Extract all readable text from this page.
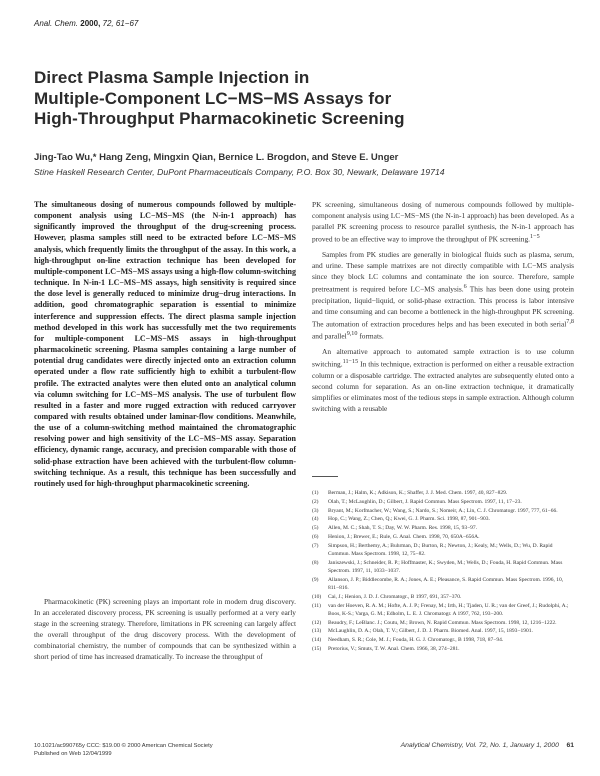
Anal. Chem. 2000, 72, 61−67
Direct Plasma Sample Injection in
Multiple-Component LC−MS−MS Assays for
High-Throughput Pharmacokinetic Screening
Jing-Tao Wu,* Hang Zeng, Mingxin Qian, Bernice L. Brogdon, and Steve E. Unger
Stine Haskell Research Center, DuPont Pharmaceuticals Company, P.O. Box 30, Newark, Delaware 19714
The simultaneous dosing of numerous compounds followed by multiple-component analysis using LC−MS−MS (the N-in-1 approach) has significantly improved the throughput of the drug-screening process. However, plasma samples still need to be extracted before LC−MS−MS analysis, which frequently limits the throughput of the assay. In this work, a high-throughput on-line extraction technique has been developed for multiple-component LC−MS−MS assays using a high-flow column-switching technique. In N-in-1 LC−MS−MS assays, high sensitivity is required since the dose level is generally reduced to minimize drug−drug interactions. In addition, good chromatographic separation is essential to minimize interference and suppression effects. The direct plasma sample injection method developed in this work has successfully met the two requirements for multiple-component LC−MS−MS assays in high-throughput pharmacokinetic screening. Plasma samples containing a large number of potential drug candidates were directly injected onto an extraction column operated under a flow rate sufficiently high to exhibit a turbulent-flow profile. The extracted analytes were then eluted onto an analytical column via column switching for LC−MS−MS analysis. The use of turbulent flow resulted in a faster and more rugged extraction with reduced carryover compared with results obtained under laminar-flow conditions. Meanwhile, the use of a column-switching method maintained the chromatographic resolving power and high sensitivity of the LC−MS−MS assay. Separation efficiency, dynamic range, accuracy, and precision comparable with those of solid-phase extraction have been achieved with the turbulent-flow column-switching technique. As a result, this technique has been successfully and routinely used for high-throughput pharmacokinetic screening.
Pharmacokinetic (PK) screening plays an important role in modern drug discovery. In an accelerated discovery process, PK screening is usually performed at a very early stage in the screening strategy. Therefore, limitations in PK screening can largely affect the overall throughput of the drug discovery process. With the development of combinatorial chemistry, the number of compounds that can be synthesized within a short period of time has increased dramatically. To increase the throughput of

PK screening, simultaneous dosing of numerous compounds followed by multiple-component analysis using LC−MS−MS (the N-in-1 approach) has been developed. As a parallel PK screening process to resource parallel synthesis, the N-in-1 approach has proved to be an effective way to improve the throughput of PK screening.$^{1-5}$

Samples from PK studies are generally in biological fluids such as plasma, serum, and urine. These sample matrixes are not directly compatible with LC−MS analysis since they block LC columns and contaminate the ion source. Therefore, sample pretreatment is required before LC−MS analysis.$^6$ This has been done using protein precipitation, liquid−liquid, or solid-phase extraction. This process is labor intensive and time consuming and can become a bottleneck in the high-throughput PK screening. The automation of extraction procedures helps and has been executed in both serial$^{7,8}$ and parallel$^{9,10}$ formats.

An alternative approach to automated sample extraction is to use column switching.$^{11-15}$ In this technique, extraction is performed on either a reusable extraction column or a disposable cartridge. The extracted analytes are subsequently eluted onto a second column for separation. As an on-line extraction technique, it dramatically simplifies or eliminates most of the tedious steps in sample extraction. Although column switching with a reusable

(1) Berman, J.; Halm, K.; Adkison, K.; Shaffer, J. J. Med. Chem. 1997, 40, 827−829.
(2) Olah, T.; McLaughlin, D.; Gilbert, J. Rapid Commun. Mass Spectrom. 1997, 11, 17−23.
(3) Bryant, M.; Korfmacher, W.; Wang, S.; Nardo, S.; Nomeir, A.; Lin, C. J. Chromatogr. 1997, 777, 61−66.
(4) Hop, C.; Wang, Z.; Chen, Q.; Kwei, G. J. Pharm. Sci. 1998, 87, 901−903.
(5) Allen, M. C.; Shah, T. S.; Day, W. W. Pharm. Res. 1998, 15, 93−97.
(6) Henion, J.; Brewer, E.; Rule, G. Anal. Chem. 1998, 70, 650A−656A.
(7) Simpson, H.; Berthemy, A.; Buhrman, D.; Burton, R.; Newton, J.; Kealy, M.; Wells, D.; Wu, D. Rapid Commun. Mass Spectrom. 1998, 12, 75−82.
(8) Janiszewski, J.; Schneider, R. P.; Hoffmaster, K.; Swyden, M.; Wells, D.; Fouda, H. Rapid Commun. Mass Spectrom. 1997, 11, 1033−1037.
(9) Allanson, J. P.; Biddlecombe, R. A.; Jones, A. E.; Pleasance, S. Rapid Commun. Mass Spectrom. 1996, 10, 811−816.
(10) Cai, J.; Henion, J. D. J. Chromatogr., B 1997, 691, 357−370.
(11) van der Hoeven, R. A. M.; Hofte, A. J. P.; Frenay, M.; Irth, H.; Tjaden, U. R.; van der Greef, J.; Rudolphi, A.; Boos, K-S.; Varga, G. M.; Edholm, L. E. J. Chromatogr. A 1997, 762, 193−200.
(12) Beaudry, F.; LeBlanc. J.; Coutu, M.; Brown, N. Rapid Commun. Mass Spectrom. 1998, 12, 1216−1222.
(13) McLaughlin, D. A.; Olah, T. V.; Gilbert, J. D. J. Pharm. Biomed. Anal. 1997, 15, 1893−1901.
(14) Needham, S. R.; Cole, M. J.; Fouda, H. G. J. Chromatogr., B 1998, 718, 87−94.
(15) Pretorius, V.; Smuts, T. W. Anal. Chem. 1966, 38, 274−281.
10.1021/ac990765y CCC: $19.00 © 2000 American Chemical Society
Published on Web 12/04/1999
Analytical Chemistry, Vol. 72, No. 1, January 1, 2000 61
